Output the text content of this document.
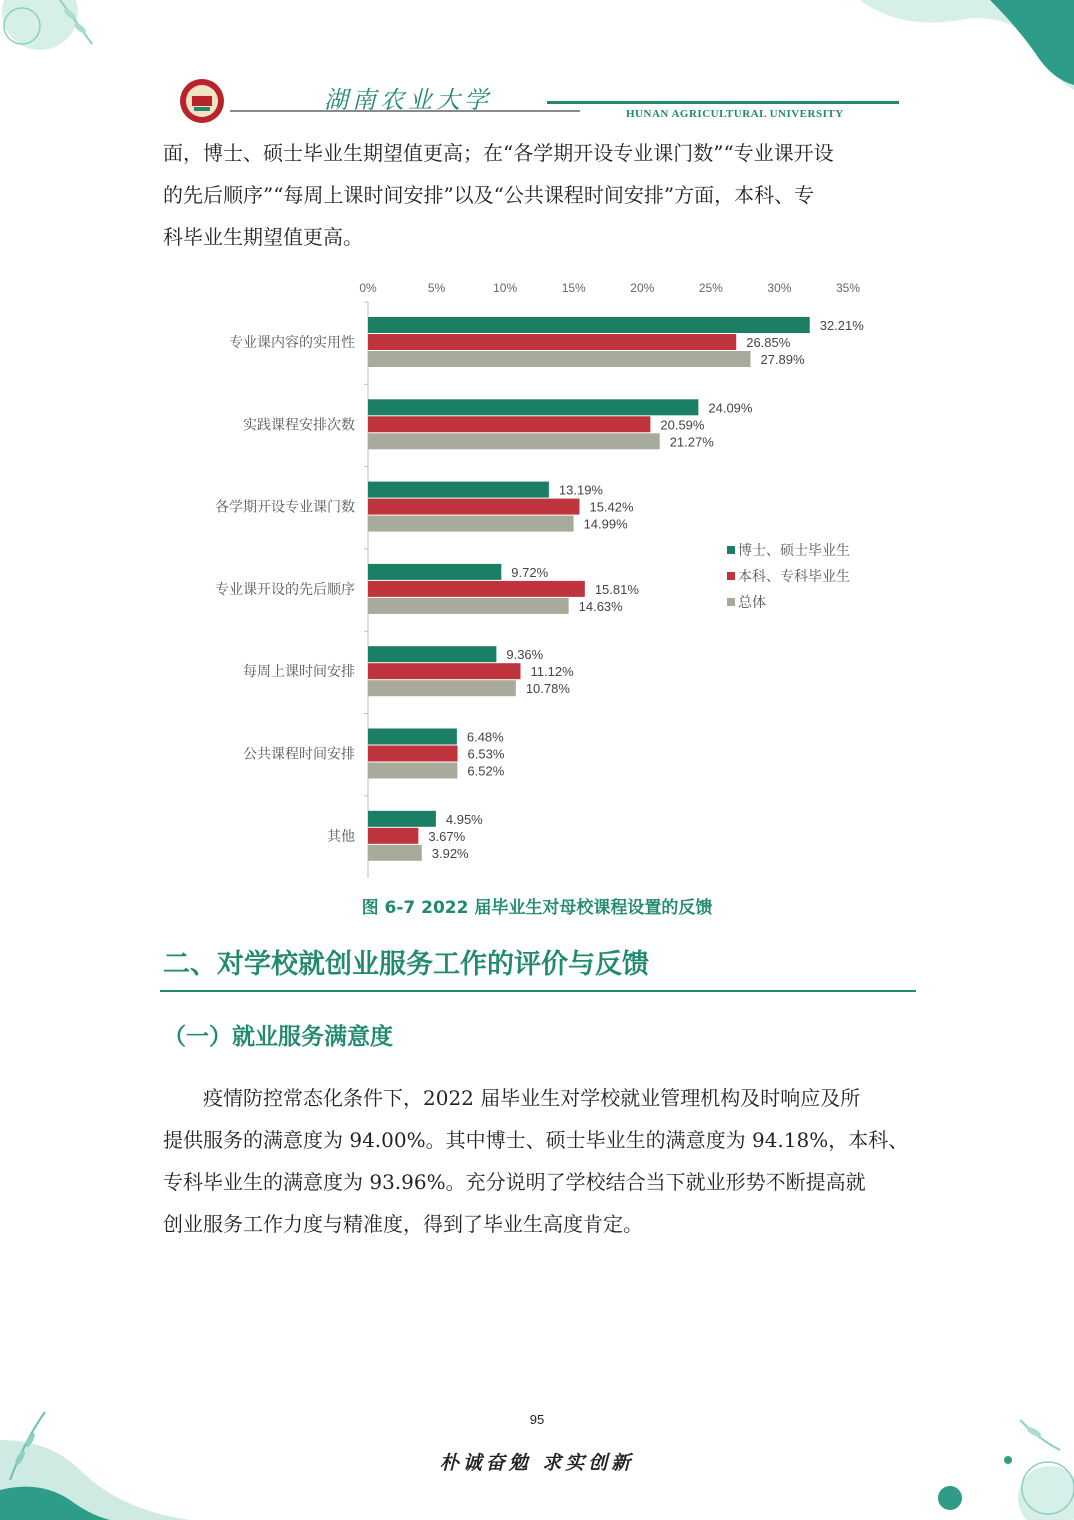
湖南农业大学	HUNAN AGRICULTURAL UNIVERSITY

面，博士、硕士毕业生期望值更高；在“各学期开设专业课门数”“专业课开设

的先后顺序”“每周上课时间安排”以及“公共课程时间安排”方面，本科、专

科毕业生期望值更高。

0%	5%	10%	15%	20%	25%	30%	35%
专业课内容的实用性
32.21%
26.85%
27.89%
实践课程安排次数
24.09%
20.59%
21.27%
各学期开设专业课门数
13.19%
15.42%
14.99%
专业课开设的先后顺序
9.72%
15.81%
14.63%
每周上课时间安排
9.36%
11.12%
10.78%
公共课程时间安排
6.48%
6.53%
6.52%
其他
4.95%
3.67%
3.92%
博士、硕士毕业生
本科、专科毕业生
总体
图 6-7 2022 届毕业生对母校课程设置的反馈
二、对学校就创业服务工作的评价与反馈
（一）就业服务满意度

疫情防控常态化条件下，2022 届毕业生对学校就业管理机构及时响应及所

提供服务的满意度为 94.00%。其中博士、硕士毕业生的满意度为 94.18%，本科、

专科毕业生的满意度为 93.96%。充分说明了学校结合当下就业形势不断提高就

创业服务工作力度与精准度，得到了毕业生高度肯定。

95
朴诚奋勉 求实创新
